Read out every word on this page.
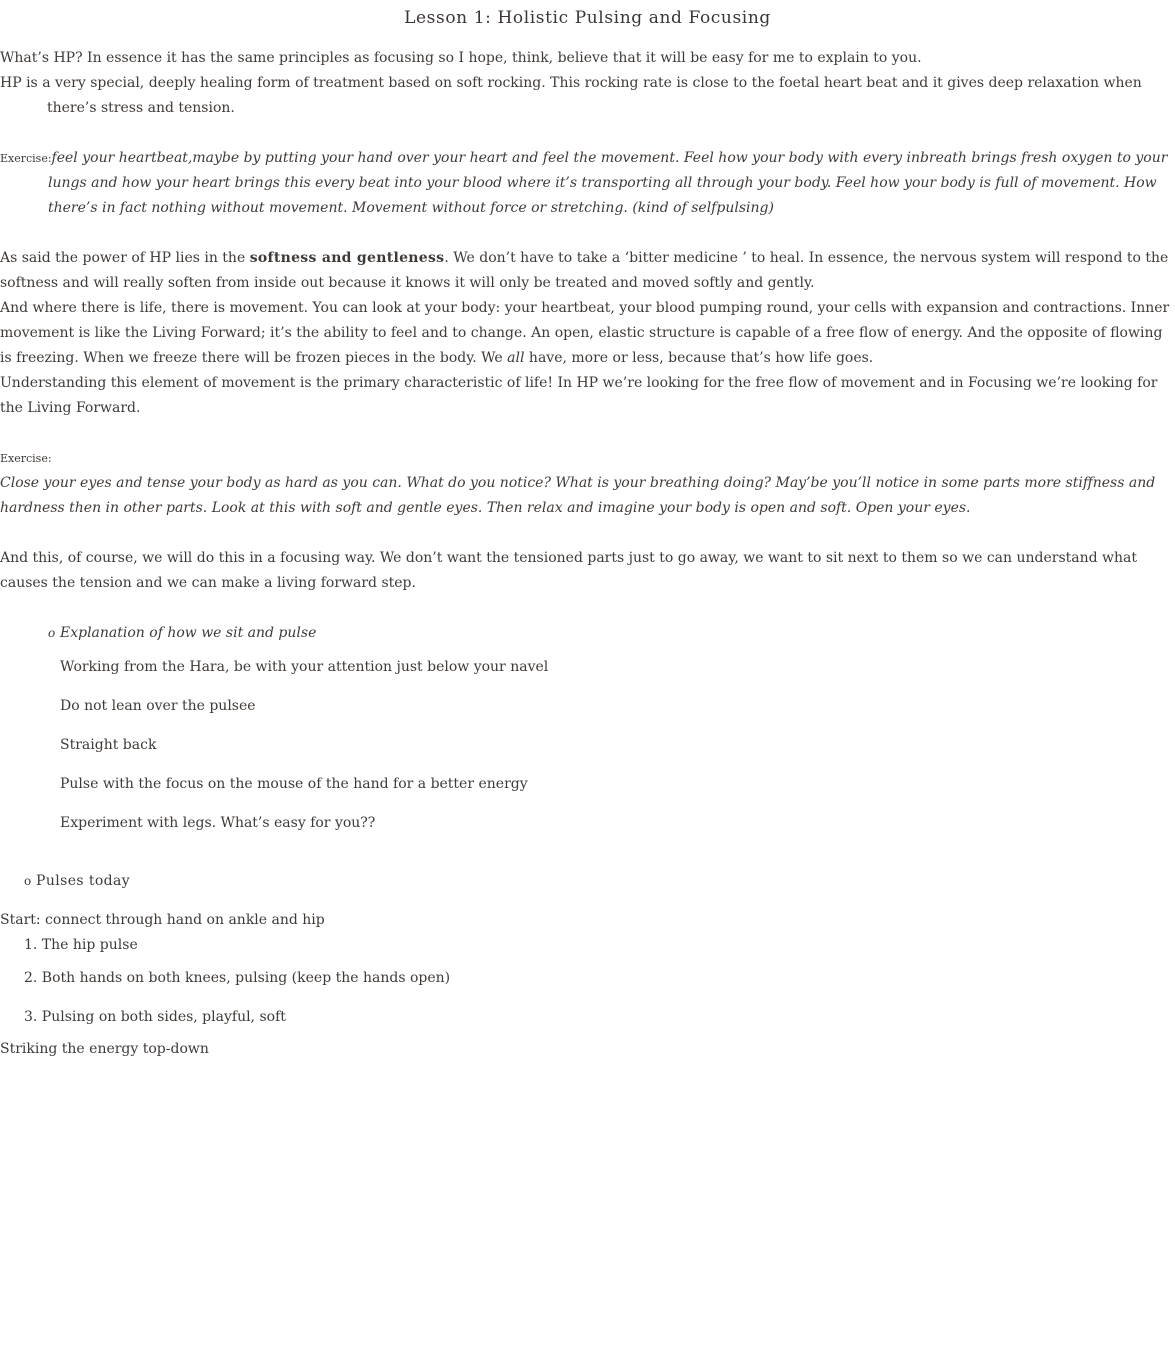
Lesson 1: Holistic Pulsing and Focusing

What’s HP? In essence it has the same principles as focusing so I hope, think, believe that it will be easy for me to explain to you.

HP is a very special, deeply healing form of treatment based on soft rocking. This rocking rate is close to the foetal heart beat and it gives deep relaxation when there’s stress and tension.

Exercise:feel your heartbeat,maybe by putting your hand over your heart and feel the movement. Feel how your body with every inbreath brings fresh oxygen to your lungs and how your heart brings this every beat into your blood where it’s transporting all through your body. Feel how your body is full of movement. How there’s in fact nothing without movement. Movement without force or stretching. (kind of selfpulsing)

As said the power of HP lies in the softness and gentleness. We don’t have to take a ‘bitter medicine ’ to heal. In essence, the nervous system will respond to the softness and will really soften from inside out because it knows it will only be treated and moved softly and gently.

And where there is life, there is movement. You can look at your body: your heartbeat, your blood pumping round, your cells with expansion and contractions. Inner movement is like the Living Forward; it’s the ability to feel and to change. An open, elastic structure is capable of a free flow of energy. And the opposite of flowing is freezing. When we freeze there will be frozen pieces in the body. We all have, more or less, because that’s how life goes.

Understanding this element of movement is the primary characteristic of life! In HP we’re looking for the free flow of movement and in Focusing we’re looking for the Living Forward.

Exercise:

Close your eyes and tense your body as hard as you can. What do you notice? What is your breathing doing? May’be you’ll notice in some parts more stiffness and hardness then in other parts. Look at this with soft and gentle eyes. Then relax and imagine your body is open and soft. Open your eyes.

And this, of course, we will do this in a focusing way. We don’t want the tensioned parts just to go away, we want to sit next to them so we can understand what causes the tension and we can make a living forward step.

o Explanation of how we sit and pulse
Working from the Hara, be with your attention just below your navel
Do not lean over the pulsee
Straight back
Pulse with the focus on the mouse of the hand for a better energy
Experiment with legs. What’s easy for you??

o Pulses today

Start: connect through hand on ankle and hip

1. The hip pulse
2. Both hands on both knees, pulsing (keep the hands open)
3. Pulsing on both sides, playful, soft

Striking the energy top-down
